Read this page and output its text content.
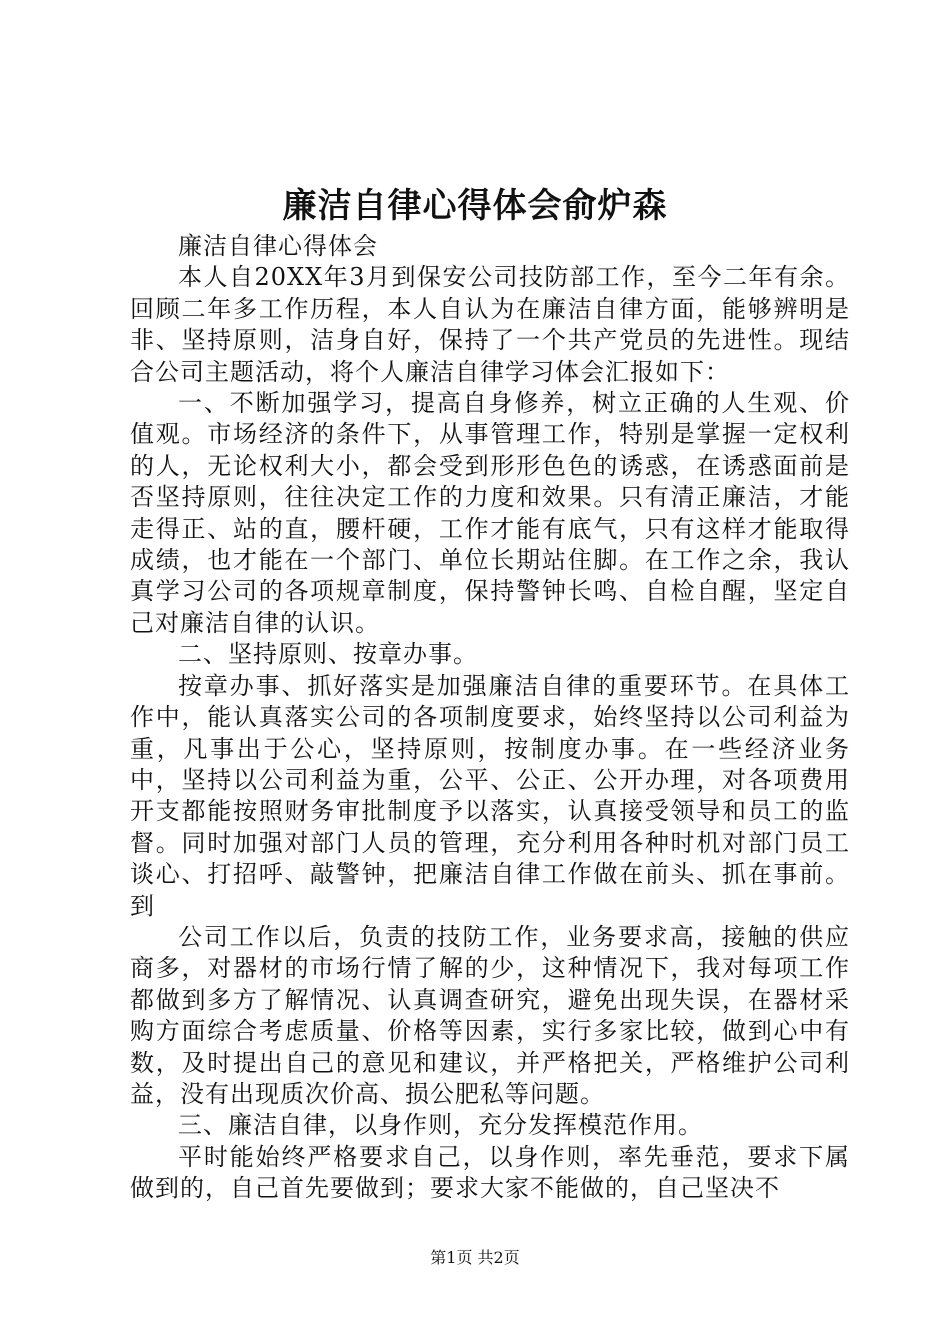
廉洁自律心得体会俞炉森

廉洁自律心得体会

本人自20XX年3月到保安公司技防部工作，至今二年有余。回顾二年多工作历程，本人自认为在廉洁自律方面，能够辨明是非、坚持原则，洁身自好，保持了一个共产党员的先进性。现结合公司主题活动，将个人廉洁自律学习体会汇报如下：

一、不断加强学习，提高自身修养，树立正确的人生观、价值观。市场经济的条件下，从事管理工作，特别是掌握一定权利的人，无论权利大小，都会受到形形色色的诱惑，在诱惑面前是否坚持原则，往往决定工作的力度和效果。只有清正廉洁，才能走得正、站的直，腰杆硬，工作才能有底气，只有这样才能取得成绩，也才能在一个部门、单位长期站住脚。在工作之余，我认真学习公司的各项规章制度，保持警钟长鸣、自检自醒，坚定自己对廉洁自律的认识。

二、坚持原则、按章办事。

按章办事、抓好落实是加强廉洁自律的重要环节。在具体工作中，能认真落实公司的各项制度要求，始终坚持以公司利益为重，凡事出于公心，坚持原则，按制度办事。在一些经济业务中，坚持以公司利益为重，公平、公正、公开办理，对各项费用开支都能按照财务审批制度予以落实，认真接受领导和员工的监督。同时加强对部门人员的管理，充分利用各种时机对部门员工谈心、打招呼、敲警钟，把廉洁自律工作做在前头、抓在事前。到

公司工作以后，负责的技防工作，业务要求高，接触的供应商多，对器材的市场行情了解的少，这种情况下，我对每项工作都做到多方了解情况、认真调查研究，避免出现失误，在器材采购方面综合考虑质量、价格等因素，实行多家比较，做到心中有数，及时提出自己的意见和建议，并严格把关，严格维护公司利益，没有出现质次价高、损公肥私等问题。

三、廉洁自律，以身作则，充分发挥模范作用。

平时能始终严格要求自己，以身作则，率先垂范，要求下属做到的，自己首先要做到；要求大家不能做的，自己坚决不

第1页 共2页
